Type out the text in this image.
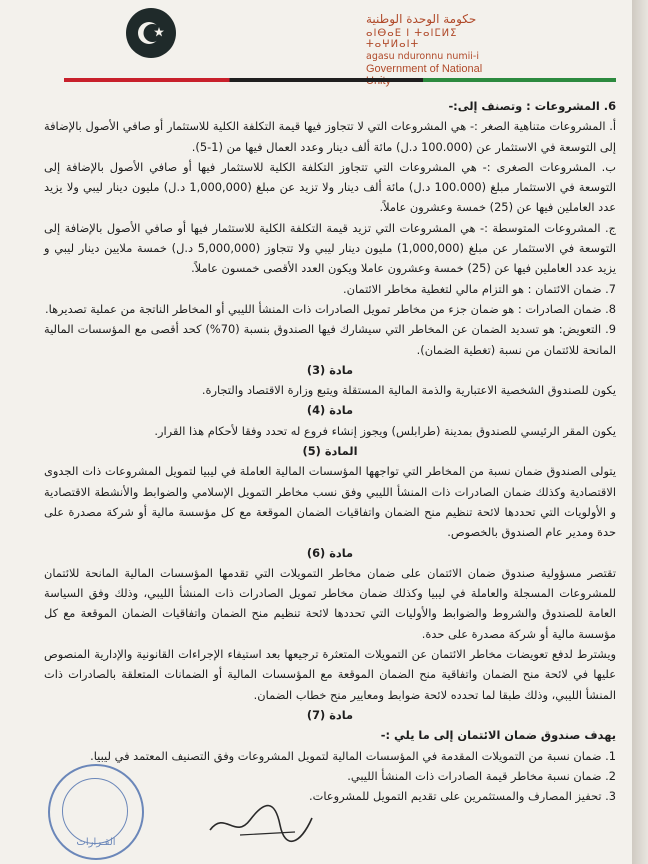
حكومة الوحدة الوطنية
ⴰⵏⴱⴰⴹ ⵏ ⵜⴰⵏⵎⵍⵉ ⵜⴰⵖⵍⴰⵏⵜ
agasu nduronnu numii-i
Government of National

6. المشروعات : وتصنف إلى:-

أ. المشروعات متناهية الصغر :- هي المشروعات التي لا تتجاوز فيها قيمة التكلفة الكلية للاستثمار أو صافي الأصول بالإضافة إلى التوسعة في الاستثمار عن (100.000 د.ل) مائة ألف دينار وعدد العمال فيها من (1-5).

ب. المشروعات الصغرى :- هي المشروعات التي تتجاوز التكلفة الكلية للاستثمار فيها أو صافي الأصول بالإضافة إلى التوسعة في الاستثمار مبلغ (100.000 د.ل) مائة ألف دينار ولا تزيد عن مبلغ (1,000,000 د.ل) مليون دينار ليبي ولا يزيد عدد العاملين فيها عن (25) خمسة وعشرون عاملاً.

ج. المشروعات المتوسطة :- هي المشروعات التي تزيد قيمة التكلفة الكلية للاستثمار فيها أو صافي الأصول بالإضافة إلى التوسعة في الاستثمار عن مبلغ (1,000,000) مليون دينار ليبي ولا تتجاوز (5,000,000 د.ل) خمسة ملايين دينار ليبي و يزيد عدد العاملين فيها عن (25) خمسة وعشرون عاملا ويكون العدد الأقصى خمسون عاملاً.

7. ضمان الائتمان : هو التزام مالي لتغطية مخاطر الائتمان.

8. ضمان الصادرات : هو ضمان جزء من مخاطر تمويل الصادرات ذات المنشأ الليبي أو المخاطر الناتجة من عملية تصديرها.

9. التعويض: هو تسديد الضمان عن المخاطر التي سيشارك فيها الصندوق بنسبة (70%) كحد أقصى مع المؤسسات المالية المانحة للائتمان من نسبة (تغطية الضمان).

مادة (3)

يكون للصندوق الشخصية الاعتبارية والذمة المالية المستقلة ويتبع وزارة الاقتصاد والتجارة.

مادة (4)

يكون المقر الرئيسي للصندوق بمدينة (طرابلس) ويجوز إنشاء فروع له تحدد وفقا لأحكام هذا القرار.

المادة (5)

يتولى الصندوق ضمان نسبة من المخاطر التي تواجهها المؤسسات المالية العاملة في ليبيا لتمويل المشروعات ذات الجدوى الاقتصادية وكذلك ضمان الصادرات ذات المنشأ الليبي وفق نسب مخاطر التمويل الإسلامي والضوابط والأنشطة الاقتصادية و الأولويات التي تحددها لائحة تنظيم منح الضمان واتفاقيات الضمان الموقعة مع كل مؤسسة مالية أو شركة مصدرة على حدة ومدير عام الصندوق بالخصوص.

مادة (6)

تقتصر مسؤولية صندوق ضمان الائتمان على ضمان مخاطر التمويلات التي تقدمها المؤسسات المالية المانحة للائتمان للمشروعات المسجلة والعاملة في ليبيا وكذلك ضمان مخاطر تمويل الصادرات ذات المنشأ الليبي، وذلك وفق السياسة العامة للصندوق والشروط والضوابط والأوليات التي تحددها لائحة تنظيم منح الضمان واتفاقيات الضمان الموقعة مع كل مؤسسة مالية أو شركة مصدرة على حدة.

ويشترط لدفع تعويضات مخاطر الائتمان عن التمويلات المتعثرة ترجيعها بعد استيفاء الإجراءات القانونية والإدارية المنصوص عليها في لائحة منح الضمان واتفاقية منح الضمان الموقعة مع المؤسسات المالية أو الضمانات المتعلقة بالصادرات ذات المنشأ الليبي، وذلك طبقا لما تحدده لائحة ضوابط ومعايير منح خطاب الضمان.

مادة (7)

يهدف صندوق ضمان الائتمان إلى ما يلي :-

1. ضمان نسبة من التمويلات المقدمة في المؤسسات المالية لتمويل المشروعات وفق التصنيف المعتمد في ليبيا.

2. ضمان نسبة مخاطر قيمة الصادرات ذات المنشأ الليبي.

3. تحفيز المصارف والمستثمرين على تقديم التمويل للمشروعات.

القـرارات
